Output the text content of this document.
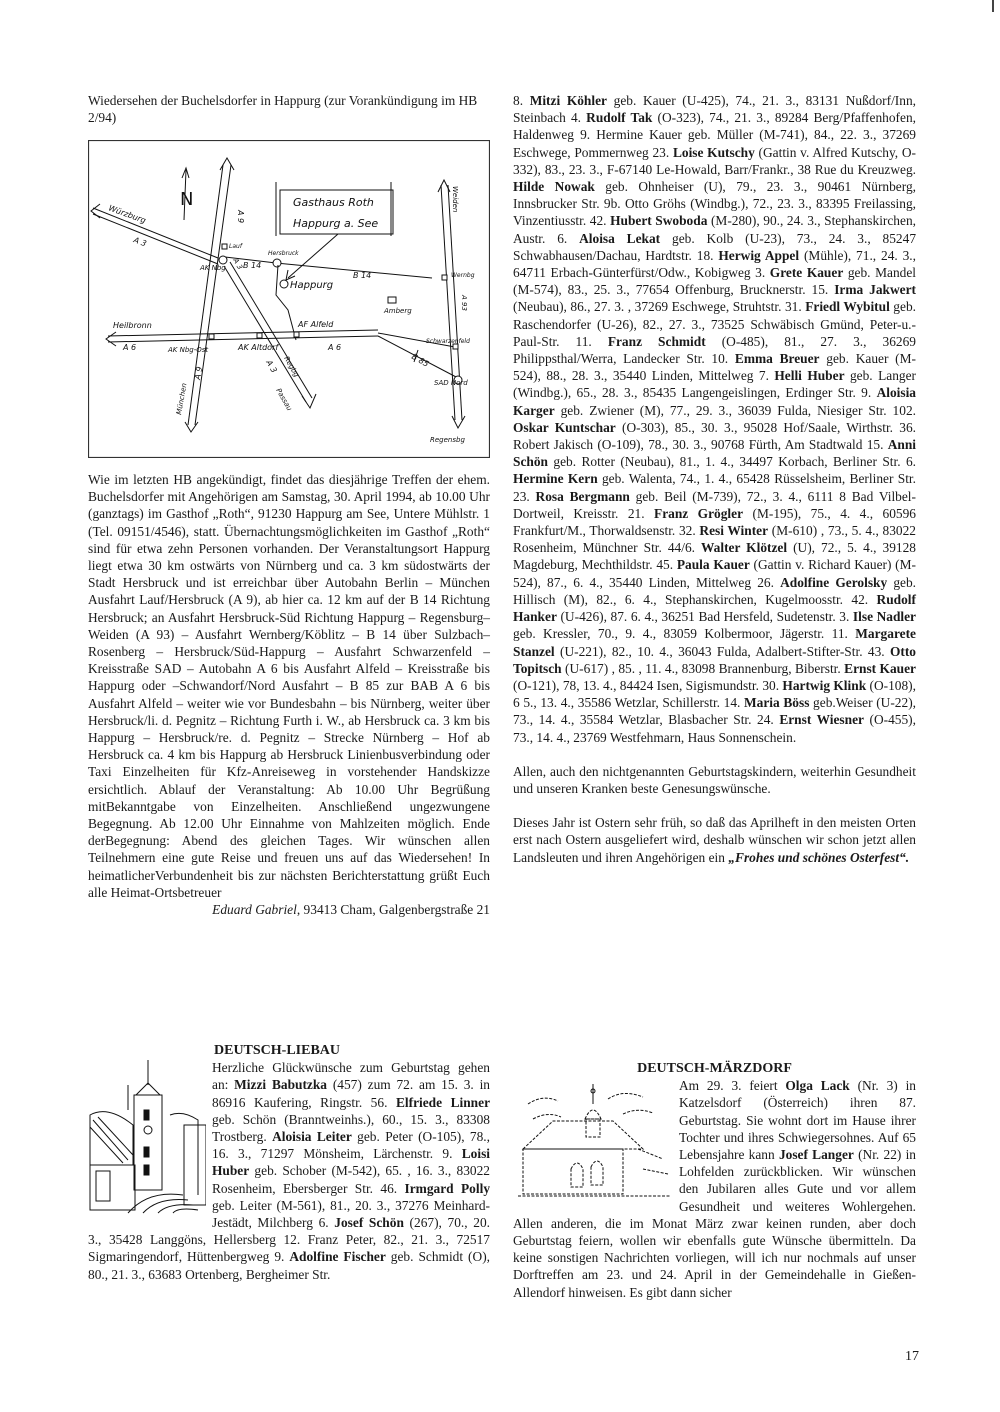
Wiedersehen der Buchelsdorfer in Happurg (zur Vorankündigung im HB 2/94)

N	Gasthaus Roth
Happurg a. See
Würzburg
A 3
A 9
Lauf
AK Nbg
Hersbruck
B 14
B 14
Happurg
Weiden
Wernbg
A 93
Amberg
Heilbronn
A 6	AK Nbg-Ost	AK Altdorf
AF Alfeld
A 6
Schwarzenfeld
B 85
München
A 9
A 3
A 3 Regbg
Passau
SAD Nord
Regensbg

Wie im letzten HB angekündigt, findet das diesjährige Treffen der ehem. Buchelsdorfer mit Angehörigen am Samstag, 30. April 1994, ab 10.00 Uhr (ganztags) im Gasthof „Roth“, 91230 Happurg am See, Untere Mühlstr. 1 (Tel. 09151/4546), statt. Übernachtungsmöglichkeiten im Gasthof „Roth“ sind für etwa zehn Personen vorhanden. Der Veranstaltungsort Happurg liegt etwa 30 km ostwärts von Nürnberg und ca. 3 km südostwärts der Stadt Hersbruck und ist erreichbar über Autobahn Berlin – München Ausfahrt Lauf/Hersbruck (A 9), ab hier ca. 12 km auf der B 14 Richtung Hersbruck; an Ausfahrt Hersbruck-Süd Richtung Happurg – Regensburg–Weiden (A 93) – Ausfahrt Wernberg/Köblitz – B 14 über Sulzbach–Rosenberg – Hersbruck/Süd-Happurg – Ausfahrt Schwarzenfeld – Kreisstraße SAD – Autobahn A 6 bis Ausfahrt Alfeld – Kreisstraße bis Happurg oder –Schwandorf/Nord Ausfahrt – B 85 zur BAB A 6 bis Ausfahrt Alfeld – weiter wie vor Bundesbahn – bis Nürnberg, weiter über Hersbruck/li. d. Pegnitz – Richtung Furth i. W., ab Hersbruck ca. 3 km bis Happurg – Hersbruck/re. d. Pegnitz – Strecke Nürnberg – Hof ab Hersbruck ca. 4 km bis Happurg ab Hersbruck Linienbusverbindung oder Taxi Einzelheiten für Kfz-Anreiseweg in vorstehender Handskizze ersichtlich. Ablauf der Veranstaltung: Ab 10.00 Uhr Begrüßung mitBekanntgabe von Einzelheiten. Anschließend ungezwungene Begegnung. Ab 12.00 Uhr Einnahme von Mahlzeiten möglich. Ende derBegegnung: Abend des gleichen Tages. Wir wünschen allen Teilnehmern eine gute Reise und freuen uns auf das Wiedersehen! In heimatlicherVerbundenheit bis zur nächsten Berichterstattung grüßt Euch alle Heimat-Ortsbetreuer

Eduard Gabriel, 93413 Cham, Galgenbergstraße 21

DEUTSCH-LIEBAU

Herzliche Glückwünsche zum Geburtstag gehen an: Mizzi Babutzka (457) zum 72. am 15. 3. in 86916 Kaufering, Ringstr. 56. Elfriede Linner geb. Schön (Branntweinhs.), 60., 15. 3., 83308 Trostberg. Aloisia Leiter geb. Peter (O-105), 78., 16. 3., 71297 Mönsheim, Lärchenstr. 9. Loisi Huber geb. Schober (M-542), 65. , 16. 3., 83022 Rosenheim, Ebersberger Str. 46. Irmgard Polly geb. Leiter (M-561), 81., 20. 3., 37276 Meinhard-Jestädt, Milchberg 6. Josef Schön (267), 70., 20. 3., 35428 Langgöns, Hellersberg 12. Franz Peter, 82., 21. 3., 72517 Sigmaringendorf, Hüttenbergweg 9. Adolfine Fischer geb. Schmidt (O), 80., 21. 3., 63683 Ortenberg, Bergheimer Str.

8. Mitzi Köhler geb. Kauer (U-425), 74., 21. 3., 83131 Nußdorf/Inn, Steinbach 4. Rudolf Tak (O-323), 74., 21. 3., 89284 Berg/Pfaffenhofen, Haldenweg 9. Hermine Kauer geb. Müller (M-741), 84., 22. 3., 37269 Eschwege, Pommernweg 23. Loise Kutschy (Gattin v. Alfred Kutschy, O-332), 83., 23. 3., F-67140 Le-Howald, Barr/Frankr., 38 Rue du Kreuzweg. Hilde Nowak geb. Ohnheiser (U), 79., 23. 3., 90461 Nürnberg, Innsbrucker Str. 9b. Otto Gröhs (Windbg.), 72., 23. 3., 83395 Freilassing, Vinzentiusstr. 42. Hubert Swoboda (M-280), 90., 24. 3., Stephanskirchen, Austr. 6. Aloisa Lekat geb. Kolb (U-23), 73., 24. 3., 85247 Schwabhausen/Dachau, Hardtstr. 18. Herwig Appel (Mühle), 71., 24. 3., 64711 Erbach-Günterfürst/Odw., Kobigweg 3. Grete Kauer geb. Mandel (M-574), 83., 25. 3., 77654 Offenburg, Brucknerstr. 15. Irma Jakwert (Neubau), 86., 27. 3. , 37269 Eschwege, Struhtstr. 31. Friedl Wybitul geb. Raschendorfer (U-26), 82., 27. 3., 73525 Schwäbisch Gmünd, Peter-u.-Paul-Str. 11. Franz Schmidt (O-485), 81., 27. 3., 36269 Philippsthal/Werra, Landecker Str. 10. Emma Breuer geb. Kauer (M-524), 88., 28. 3., 35440 Linden, Mittelweg 7. Helli Huber geb. Langer (Windbg.), 65., 28. 3., 85435 Langengeislingen, Erdinger Str. 9. Aloisia Karger geb. Zwiener (M), 77., 29. 3., 36039 Fulda, Niesiger Str. 102. Oskar Kuntschar (O-303), 85., 30. 3., 95028 Hof/Saale, Wirthstr. 36. Robert Jakisch (O-109), 78., 30. 3., 90768 Fürth, Am Stadtwald 15. Anni Schön geb. Rotter (Neubau), 81., 1. 4., 34497 Korbach, Berliner Str. 6. Hermine Kern geb. Walenta, 74., 1. 4., 65428 Rüsselsheim, Berliner Str. 23. Rosa Bergmann geb. Beil (M-739), 72., 3. 4., 6111 8 Bad Vilbel-Dortweil, Kreisstr. 21. Franz Grögler (M-195), 75., 4. 4., 60596 Frankfurt/M., Thorwaldsenstr. 32. Resi Winter (M-610) , 73., 5. 4., 83022 Rosenheim, Münchner Str. 44/6. Walter Klötzel (U), 72., 5. 4., 39128 Magdeburg, Mechthildstr. 45. Paula Kauer (Gattin v. Richard Kauer) (M-524), 87., 6. 4., 35440 Linden, Mittelweg 26. Adolfine Gerolsky geb. Hillisch (M), 82., 6. 4., Stephanskirchen, Kugelmoosstr. 42. Rudolf Hanker (U-426), 87. 6. 4., 36251 Bad Hersfeld, Sudetenstr. 3. Ilse Nadler geb. Kressler, 70., 9. 4., 83059 Kolbermoor, Jägerstr. 11. Margarete Stanzel (U-221), 82., 10. 4., 36043 Fulda, Adalbert-Stifter-Str. 43. Otto Topitsch (U-617) , 85. , 11. 4., 83098 Brannenburg, Biberstr. Ernst Kauer (O-121), 78, 13. 4., 84424 Isen, Sigismundstr. 30. Hartwig Klink (O-108), 6 5., 13. 4., 35586 Wetzlar, Schillerstr. 14. Maria Böss geb.Weiser (U-22), 73., 14. 4., 35584 Wetzlar, Blasbacher Str. 24. Ernst Wiesner (O-455), 73., 14. 4., 23769 Westfehmarn, Haus Sonnenschein.

Allen, auch den nichtgenannten Geburtstagskindern, weiterhin Gesundheit und unseren Kranken beste Genesungswünsche.

Dieses Jahr ist Ostern sehr früh, so daß das Aprilheft in den meisten Orten erst nach Ostern ausgeliefert wird, deshalb wünschen wir schon jetzt allen Landsleuten und ihren Angehörigen ein „Frohes und schönes Osterfest“.

DEUTSCH-MÄRZDORF

Am 29. 3. feiert Olga Lack (Nr. 3) in Katzelsdorf (Österreich) ihren 87. Geburtstag. Sie wohnt dort im Hause ihrer Tochter und ihres Schwiegersohnes. Auf 65 Lebensjahre kann Josef Langer (Nr. 22) in Lohfelden zurückblicken. Wir wünschen den Jubilaren alles Gute und vor allem Gesundheit und weiteres Wohlergehen. Allen anderen, die im Monat März zwar keinen runden, aber doch Geburtstag feiern, wollen wir ebenfalls gute Wünsche übermitteln. Da keine sonstigen Nachrichten vorliegen, will ich nur nochmals auf unser Dorftreffen am 23. und 24. April in der Gemeindehalle in Gießen-Allendorf hinweisen. Es gibt dann sicher

17
